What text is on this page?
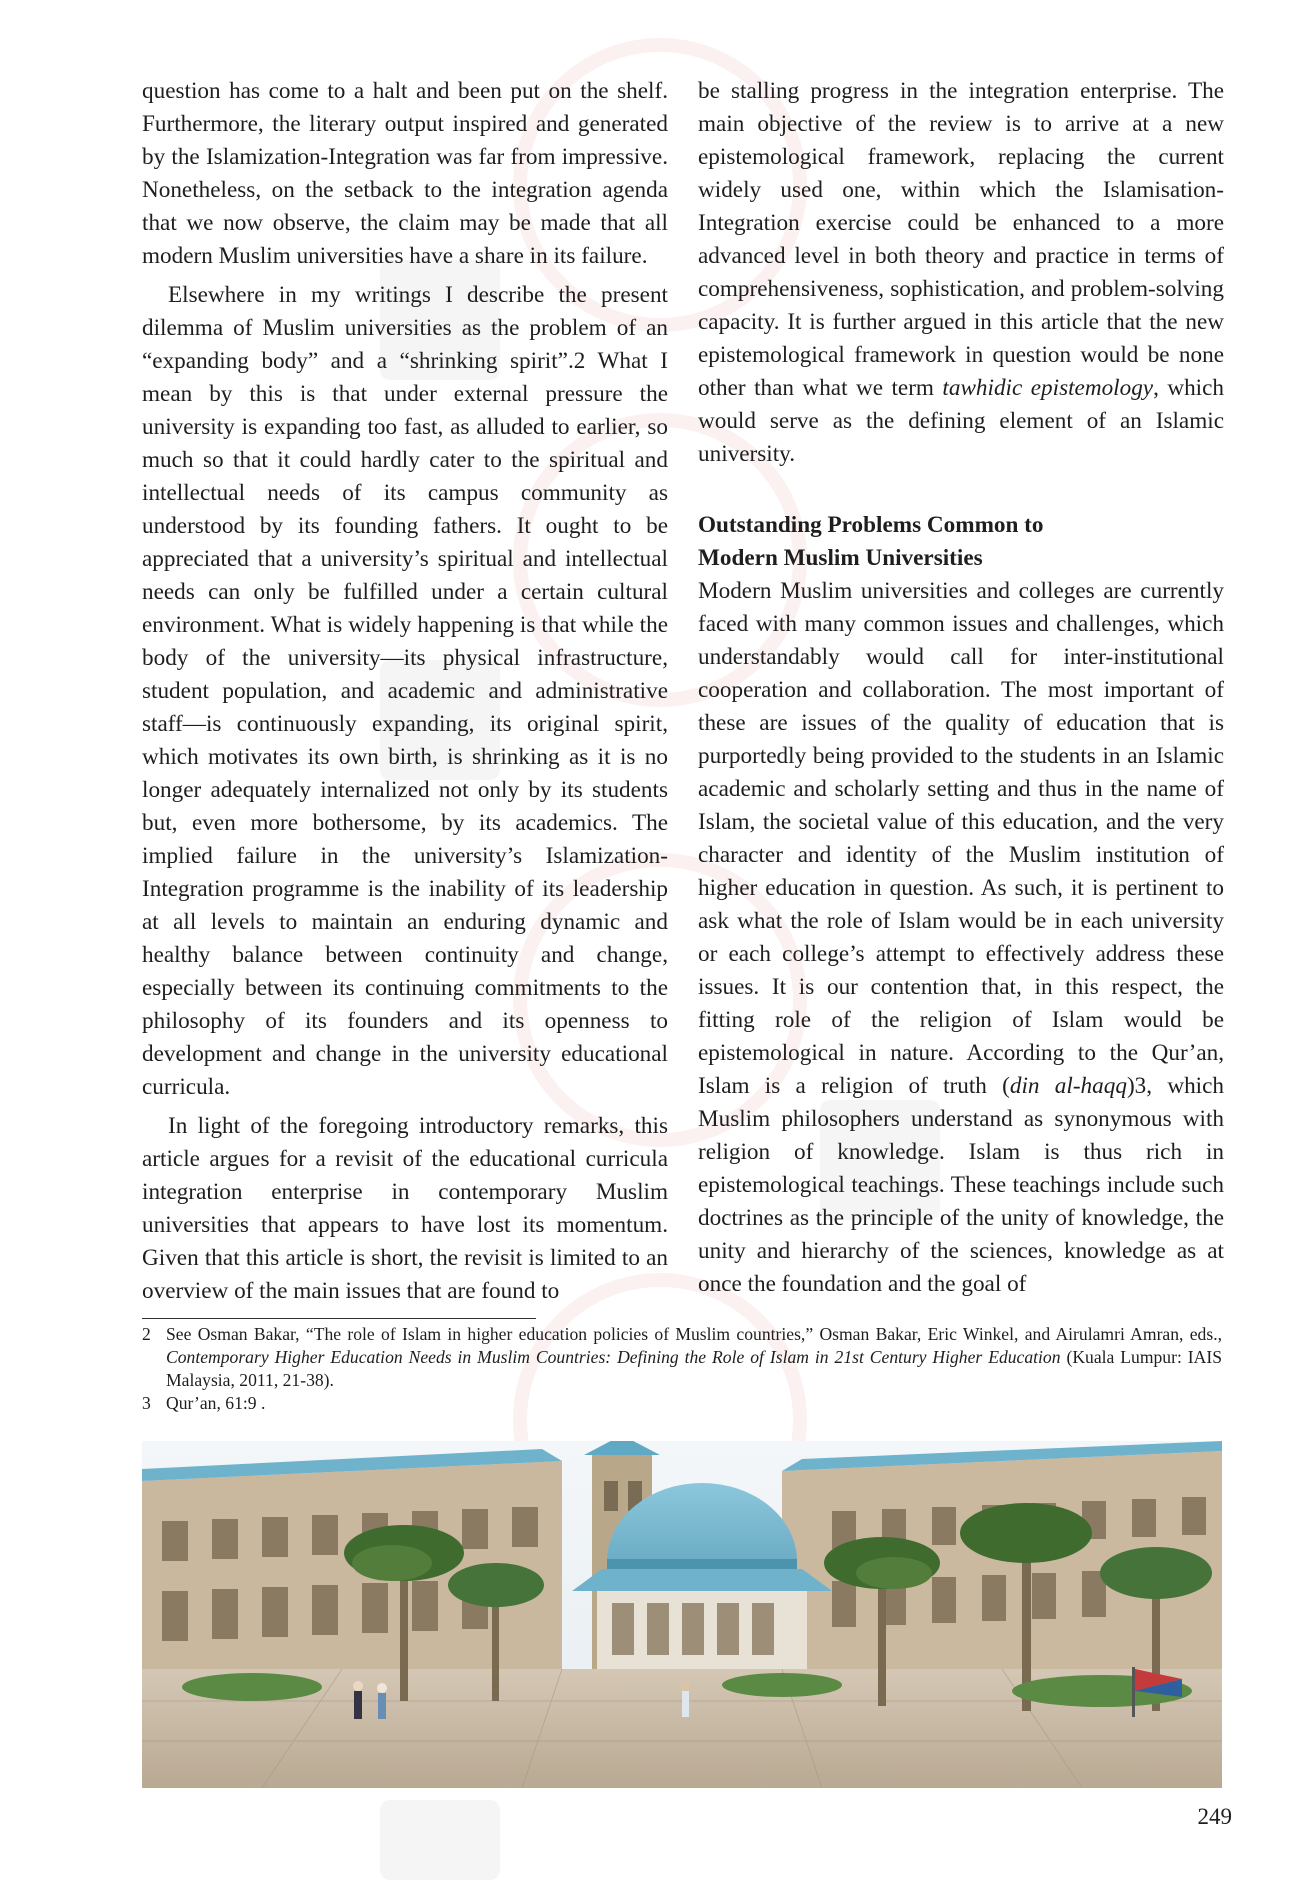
question has come to a halt and been put on the shelf. Furthermore, the literary output inspired and generated by the Islamization-Integration was far from impressive. Nonetheless, on the setback to the integration agenda that we now observe, the claim may be made that all modern Muslim universities have a share in its failure.

Elsewhere in my writings I describe the present dilemma of Muslim universities as the problem of an “expanding body” and a “shrinking spirit”.2 What I mean by this is that under external pressure the university is expanding too fast, as alluded to earlier, so much so that it could hardly cater to the spiritual and intellectual needs of its campus community as understood by its founding fathers. It ought to be appreciated that a university’s spiritual and intellectual needs can only be fulfilled under a certain cultural environment. What is widely happening is that while the body of the university—its physical infrastructure, student population, and academic and administrative staff—is continuously expanding, its original spirit, which motivates its own birth, is shrinking as it is no longer adequately internalized not only by its students but, even more bothersome, by its academics. The implied failure in the university’s Islamization-Integration programme is the inability of its leadership at all levels to maintain an enduring dynamic and healthy balance between continuity and change, especially between its continuing commitments to the philosophy of its founders and its openness to development and change in the university educational curricula.

In light of the foregoing introductory remarks, this article argues for a revisit of the educational curricula integration enterprise in contemporary Muslim universities that appears to have lost its momentum. Given that this article is short, the revisit is limited to an overview of the main issues that are found to

be stalling progress in the integration enterprise. The main objective of the review is to arrive at a new epistemological framework, replacing the current widely used one, within which the Islamisation-Integration exercise could be enhanced to a more advanced level in both theory and practice in terms of comprehensiveness, sophistication, and problem-solving capacity. It is further argued in this article that the new epistemological framework in question would be none other than what we term tawhidic epistemology, which would serve as the defining element of an Islamic university.

Outstanding Problems Common to
Modern Muslim Universities

Modern Muslim universities and colleges are currently faced with many common issues and challenges, which understandably would call for inter-institutional cooperation and collaboration. The most important of these are issues of the quality of education that is purportedly being provided to the students in an Islamic academic and scholarly setting and thus in the name of Islam, the societal value of this education, and the very character and identity of the Muslim institution of higher education in question. As such, it is pertinent to ask what the role of Islam would be in each university or each college’s attempt to effectively address these issues. It is our contention that, in this respect, the fitting role of the religion of Islam would be epistemological in nature. According to the Qur’an, Islam is a religion of truth (din al-haqq)3, which Muslim philosophers understand as synonymous with religion of knowledge. Islam is thus rich in epistemological teachings. These teachings include such doctrines as the principle of the unity of knowledge, the unity and hierarchy of the sciences, knowledge as at once the foundation and the goal of

2 See Osman Bakar, “The role of Islam in higher education policies of Muslim countries,” Osman Bakar, Eric Winkel, and Airulamri Amran, eds., Contemporary Higher Education Needs in Muslim Countries: Defining the Role of Islam in 21st Century Higher Education (Kuala Lumpur: IAIS Malaysia, 2011, 21-38).

3 Qur’an, 61:9 .

249
